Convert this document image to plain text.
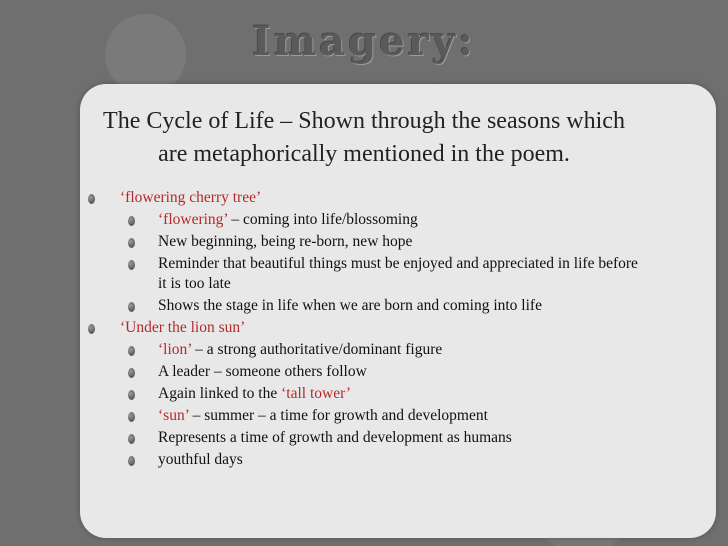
Imagery:
The Cycle of Life – Shown through the seasons which are metaphorically mentioned in the poem.
‘flowering cherry tree’
‘flowering’ – coming into life/blossoming
New beginning, being re-born, new hope
Reminder that beautiful things must be enjoyed and appreciated in life before it is too late
Shows the stage in life when we are born and coming into life
‘Under the lion sun’
‘lion’ – a strong authoritative/dominant figure
A leader – someone others follow
Again linked to the ‘tall tower’
‘sun’ – summer – a time for growth and development
Represents a time of growth and development as humans
youthful days
